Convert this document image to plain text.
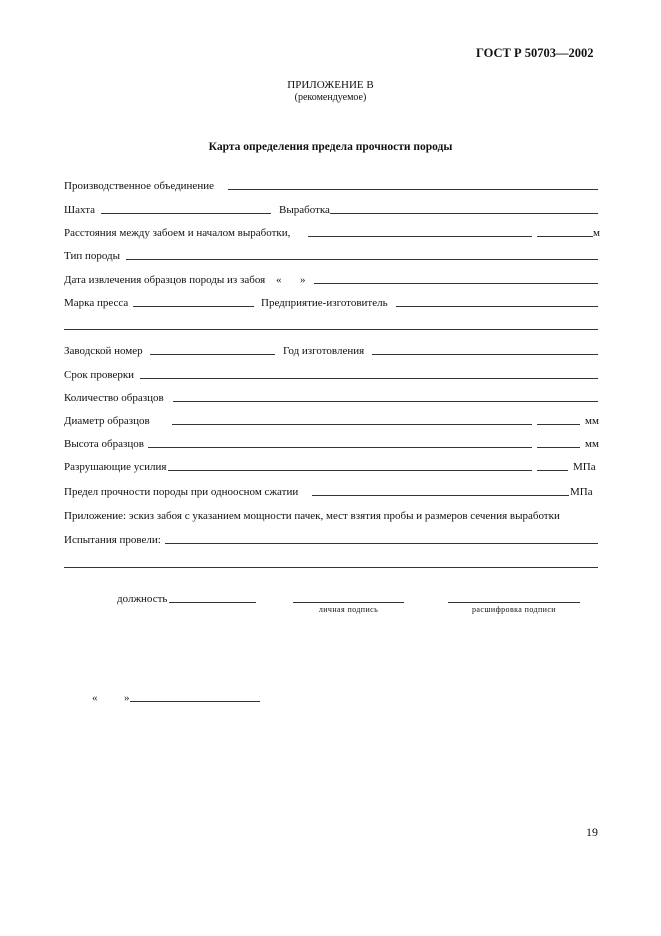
ГОСТ Р 50703—2002
ПРИЛОЖЕНИЕ В
(рекомендуемое)
Карта определения предела прочности породы
Производственное объединение
Шахта	Выработка
Расстояния между забоем и началом выработки,	м
Тип породы
Дата извлечения образцов породы из забоя « »
Марка пресса	Предприятие-изготовитель
Заводской номер	Год изготовления
Срок проверки
Количество образцов
Диаметр образцов	мм
Высота образцов	мм
Разрушающие усилия	МПа
Предел прочности породы при одноосном сжатии	МПа
Приложение: эскиз забоя с указанием мощности пачек, мест взятия пробы и размеров сечения выработки
Испытания провели:
должность
личная подпись	расшифровка подписи
« »
19
